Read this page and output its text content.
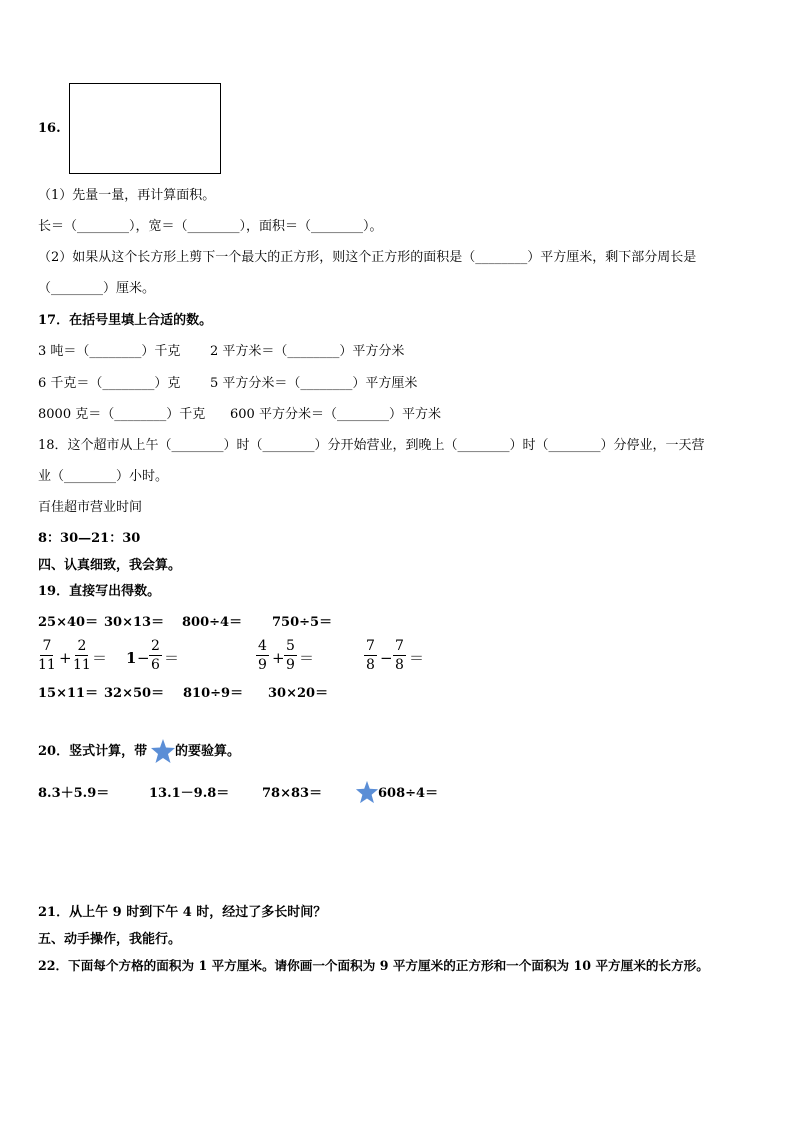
16.
（1）先量一量，再计算面积。
长＝（________），宽＝（________），面积＝（________）。
（2）如果从这个长方形上剪下一个最大的正方形，则这个正方形的面积是（________）平方厘米，剩下部分周长是
（________）厘米。
17．在括号里填上合适的数。
3 吨＝（________）千克 2 平方米＝（________）平方分米
6 千克＝（________）克 5 平方分米＝（________）平方厘米
8000 克＝（________）千克 600 平方分米＝（________）平方米
18．这个超市从上午（________）时（________）分开始营业，到晚上（________）时（________）分停业，一天营
业（________）小时。
百佳超市营业时间
8：30—21：30
四、认真细致，我会算。
19．直接写出得数。
25×40＝ 30×13＝ 800÷4＝ 750÷5＝
$\frac{7}{11} + \frac{2}{11} = 1 - \frac{2}{6}$ ＝	$\frac{4}{9} + \frac{5}{9}$ ＝	$\frac{7}{8} - \frac{7}{8}$ ＝
15×11＝ 32×50＝ 810÷9＝ 30×20＝
20．竖式计算，带 的要验算。
8.3＋5.9＝	13.1－9.8＝	78×83＝	608÷4＝
21．从上午 9 时到下午 4 时，经过了多长时间？
五、动手操作，我能行。
22．下面每个方格的面积为 1 平方厘米。请你画一个面积为 9 平方厘米的正方形和一个面积为 10 平方厘米的长方形。
